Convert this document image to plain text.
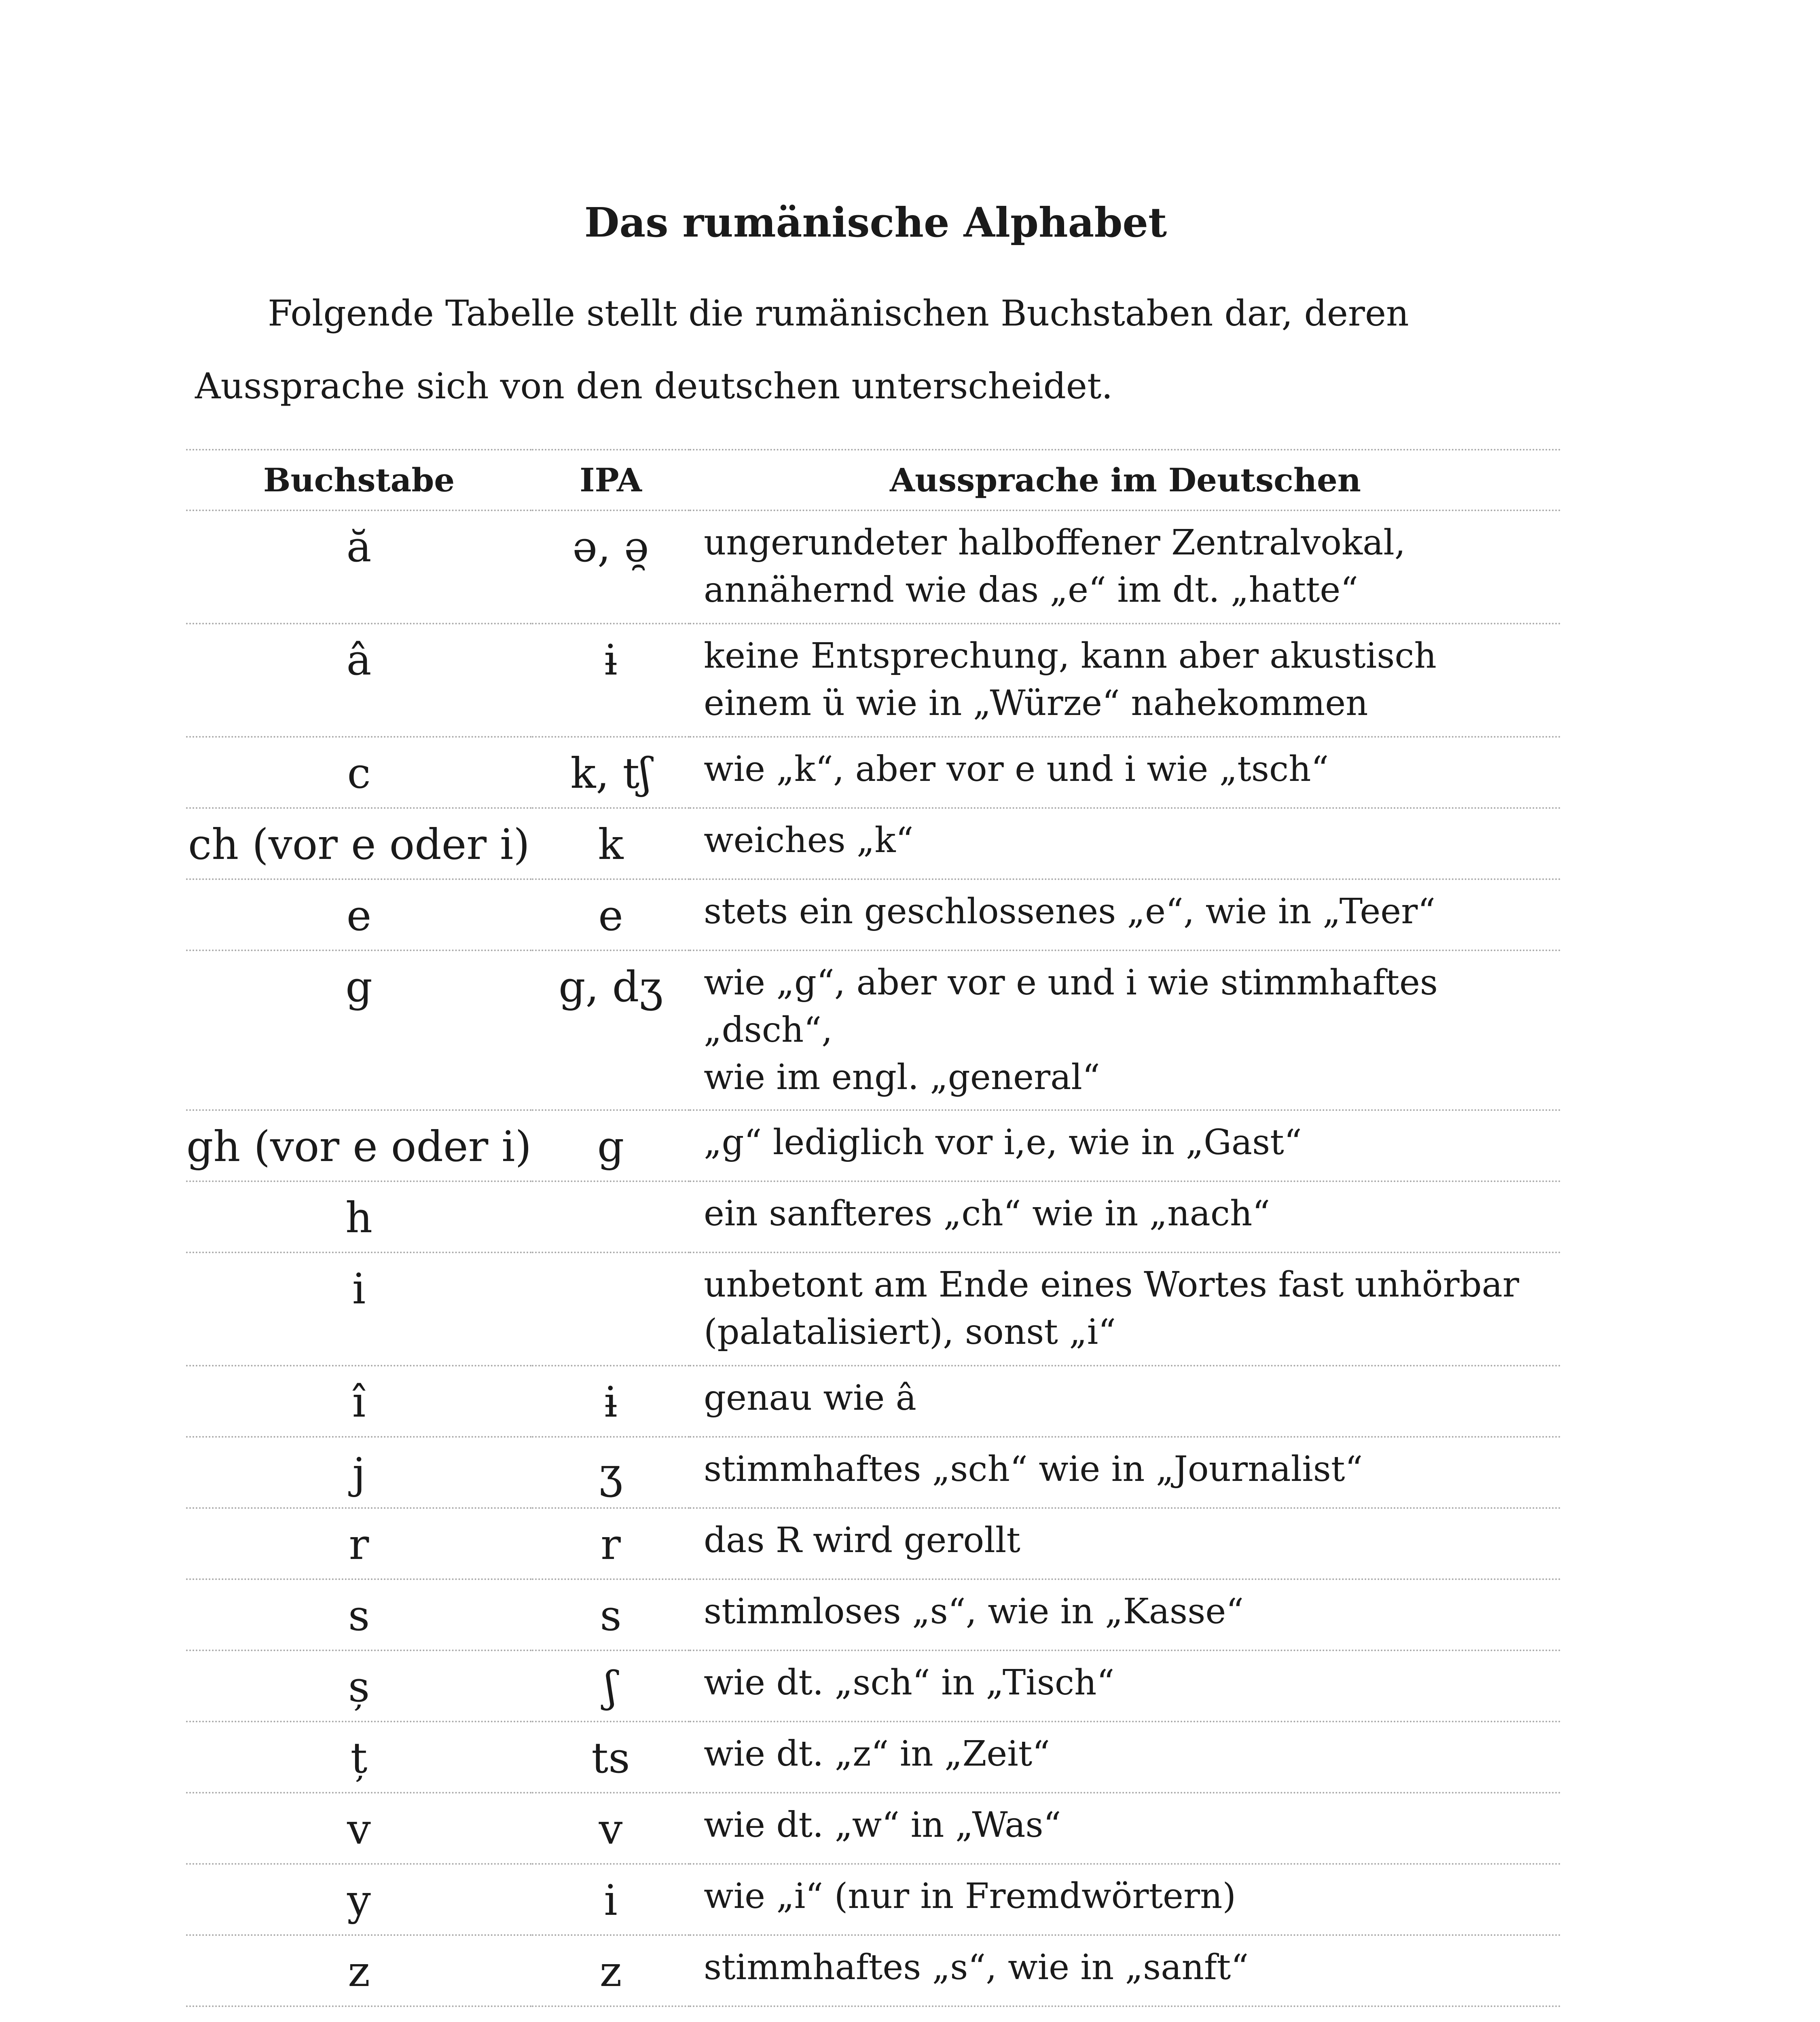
Das rumänische Alphabet

Folgende Tabelle stellt die rumänischen Buchstaben dar, deren Aussprache sich von den deutschen unterscheidet.

Buchstabe	IPA	Aussprache im Deutschen
ă	ə, ə̯	ungerundeter halboffener Zentralvokal,
annähernd wie das „e“ im dt. „hatte“
â	ɨ	keine Entsprechung, kann aber akustisch
einem ü wie in „Würze“ nahekommen
c	k, tʃ	wie „k“, aber vor e und i wie „tsch“
ch (vor e oder i)	k	weiches „k“
e	e	stets ein geschlossenes „e“, wie in „Teer“
g	g, dʒ	wie „g“, aber vor e und i wie stimmhaftes „dsch“,
wie im engl. „general“
gh (vor e oder i)	g	„g“ lediglich vor i,e, wie in „Gast“
h		ein sanfteres „ch“ wie in „nach“
i		unbetont am Ende eines Wortes fast unhörbar
(palatalisiert), sonst „i“
î	ɨ	genau wie â
j	ʒ	stimmhaftes „sch“ wie in „Journalist“
r	r	das R wird gerollt
s	s	stimmloses „s“, wie in „Kasse“
ș	ʃ	wie dt. „sch“ in „Tisch“
ț	ts	wie dt. „z“ in „Zeit“
v	v	wie dt. „w“ in „Was“
y	i	wie „i“ (nur in Fremdwörtern)
z	z	stimmhaftes „s“, wie in „sanft“
